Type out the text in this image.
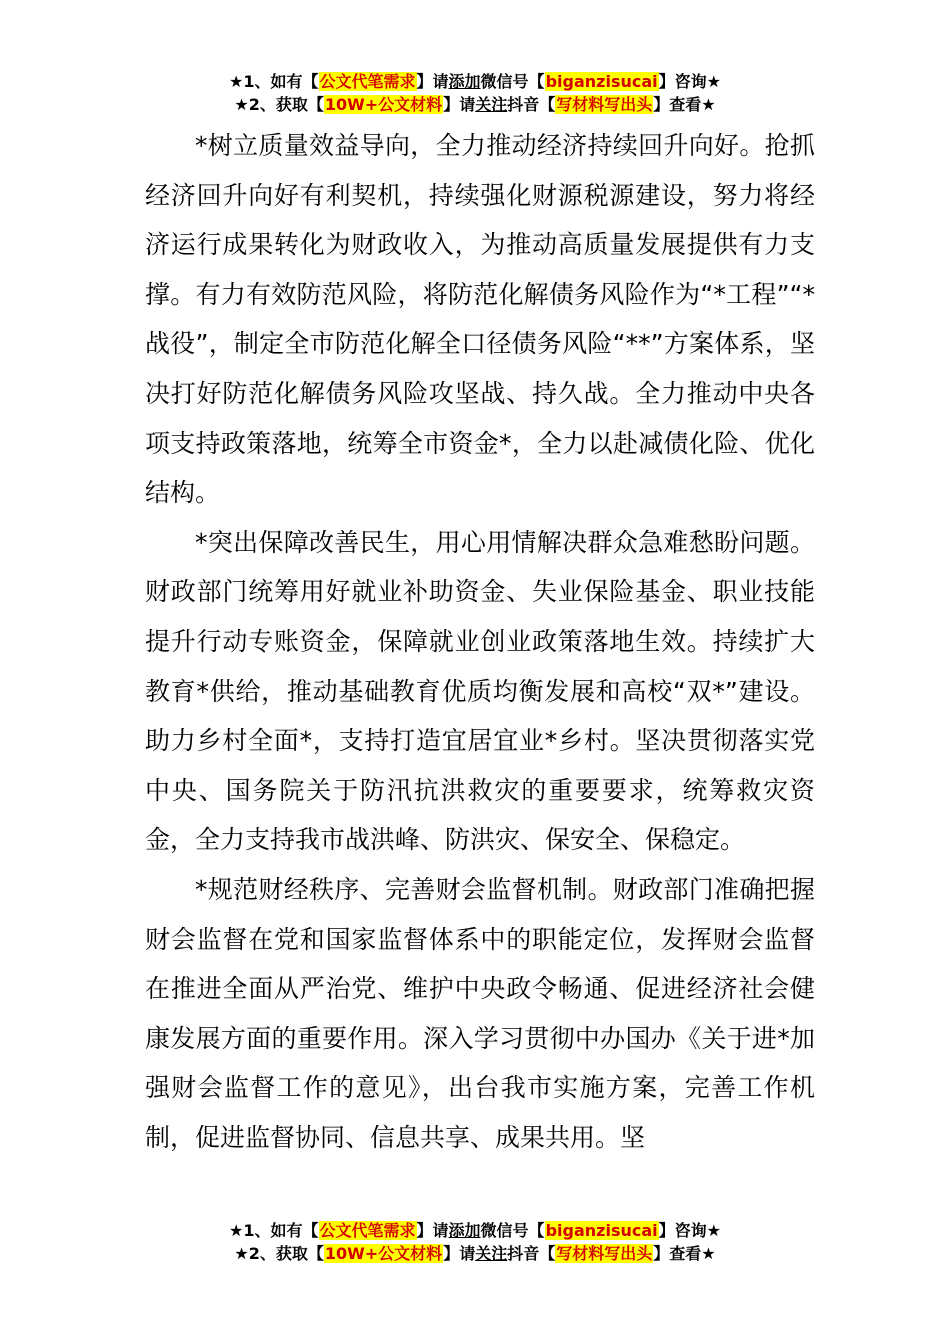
★1、如有【公文代笔需求】请添加微信号【biganzisucai】咨询★
★2、获取【10W+公文材料】请关注抖音【写材料写出头】查看★

*树立质量效益导向，全力推动经济持续回升向好。抢抓经济回升向好有利契机，持续强化财源税源建设，努力将经济运行成果转化为财政收入，为推动高质量发展提供有力支撑。有力有效防范风险，将防范化解债务风险作为“*工程”“*战役”，制定全市防范化解全口径债务风险“**”方案体系，坚决打好防范化解债务风险攻坚战、持久战。全力推动中央各项支持政策落地，统筹全市资金*，全力以赴减债化险、优化结构。

*突出保障改善民生，用心用情解决群众急难愁盼问题。财政部门统筹用好就业补助资金、失业保险基金、职业技能提升行动专账资金，保障就业创业政策落地生效。持续扩大教育*供给，推动基础教育优质均衡发展和高校“双*”建设。助力乡村全面*，支持打造宜居宜业*乡村。坚决贯彻落实党中央、国务院关于防汛抗洪救灾的重要要求，统筹救灾资金，全力支持我市战洪峰、防洪灾、保安全、保稳定。

*规范财经秩序、完善财会监督机制。财政部门准确把握财会监督在党和国家监督体系中的职能定位，发挥财会监督在推进全面从严治党、维护中央政令畅通、促进经济社会健康发展方面的重要作用。深入学习贯彻中办国办《关于进*加强财会监督工作的意见》，出台我市实施方案，完善工作机制，促进监督协同、信息共享、成果共用。坚

★1、如有【公文代笔需求】请添加微信号【biganzisucai】咨询★
★2、获取【10W+公文材料】请关注抖音【写材料写出头】查看★
